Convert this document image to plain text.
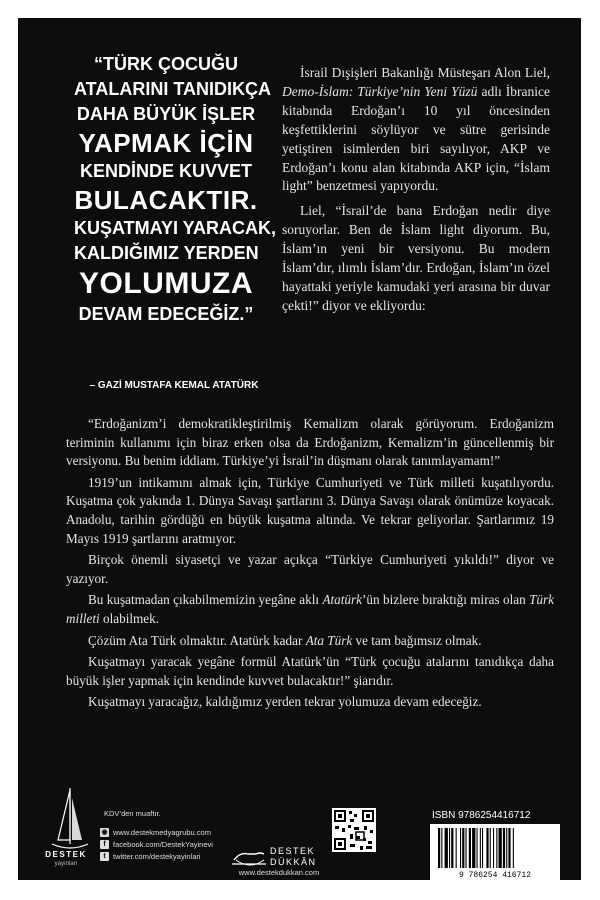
“TÜRK ÇOCUĞU
ATALARINI TANIDIKÇA
DAHA BÜYÜK İŞLER
YAPMAK İÇİN
KENDİNDE KUVVET
BULACAKTIR.
KUŞATMAYI YARACAK,
KALDIĞIMIZ YERDEN
YOLUMUZA
DEVAM EDECEĞİZ.”
– GAZİ MUSTAFA KEMAL ATATÜRK

İsrail Dışişleri Bakanlığı Müsteşarı Alon Liel, Demo-İslam: Türkiye’nin Yeni Yüzü adlı İbranice kitabında Erdoğan’ı 10 yıl öncesinden keşfettiklerini söylüyor ve sütre gerisinde yetiştiren isimlerden biri sayılıyor, AKP ve Erdoğan’ı konu alan kitabında AKP için, “İslam light” benzetmesi yapıyordu.

Liel, “İsrail’de bana Erdoğan nedir diye soruyorlar. Ben de İslam light diyorum. Bu, İslam’ın yeni bir versiyonu. Bu modern İslam’dır, ılımlı İslam’dır. Erdoğan, İslam’ın özel hayattaki yeriyle kamudaki yeri arasına bir duvar çekti!” diyor ve ekliyordu:

“Erdoğanizm’i demokratikleştirilmiş Kemalizm olarak görüyorum. Erdoğanizm teriminin kullanımı için biraz erken olsa da Erdoğanizm, Kemalizm’in güncellenmiş bir versiyonu. Bu benim iddiam. Türkiye’yi İsrail’in düşmanı olarak tanımlayamam!”

1919’un intikamını almak için, Türkiye Cumhuriyeti ve Türk milleti kuşatılıyordu. Kuşatma çok yakında 1. Dünya Savaşı şartlarını 3. Dünya Savaşı olarak önümüze koyacak. Anadolu, tarihin gördüğü en büyük kuşatma altında. Ve tekrar geliyorlar. Şartlarımız 19 Mayıs 1919 şartlarını aratmıyor.

Birçok önemli siyasetçi ve yazar açıkça “Türkiye Cumhuriyeti yıkıldı!” diyor ve yazıyor.

Bu kuşatmadan çıkabilmemizin yegâne aklı Atatürk’ün bizlere bıraktığı miras olan Türk milleti olabilmek.

Çözüm Ata Türk olmaktır. Atatürk kadar Ata Türk ve tam bağımsız olmak.

Kuşatmayı yaracak yegâne formül Atatürk’ün “Türk çocuğu atalarını tanıdıkça daha büyük işler yapmak için kendinde kuvvet bulacaktır!” şiarıdır.

Kuşatmayı yaracağız, kaldığımız yerden tekrar yolumuza devam edeceğiz.

DESTEK
yayınları
KDV’den muaftır.
◉ www.destekmedyagrubu.com
f facebook.com/DestekYayinevi
t twitter.com/destekyayinlari	DESTEK
DÜKKÂN
www.destekdukkan.com
ISBN 9786254416712
9 786254 416712
